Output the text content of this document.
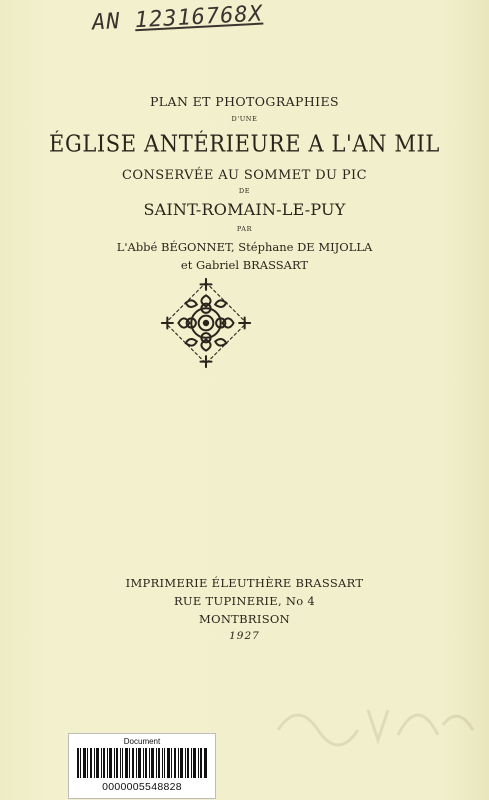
AN 12316768X
PLAN ET PHOTOGRAPHIES
D'UNE
ÉGLISE ANTÉRIEURE A L'AN MIL
CONSERVÉE AU SOMMET DU PIC
DE
SAINT-ROMAIN-LE-PUY
PAR
L'Abbé BÉGONNET, Stéphane DE MIJOLLA
et Gabriel BRASSART
IMPRIMERIE ÉLEUTHÈRE BRASSART
RUE TUPINERIE, No 4
MONTBRISON
1927
Document
0000005548828
